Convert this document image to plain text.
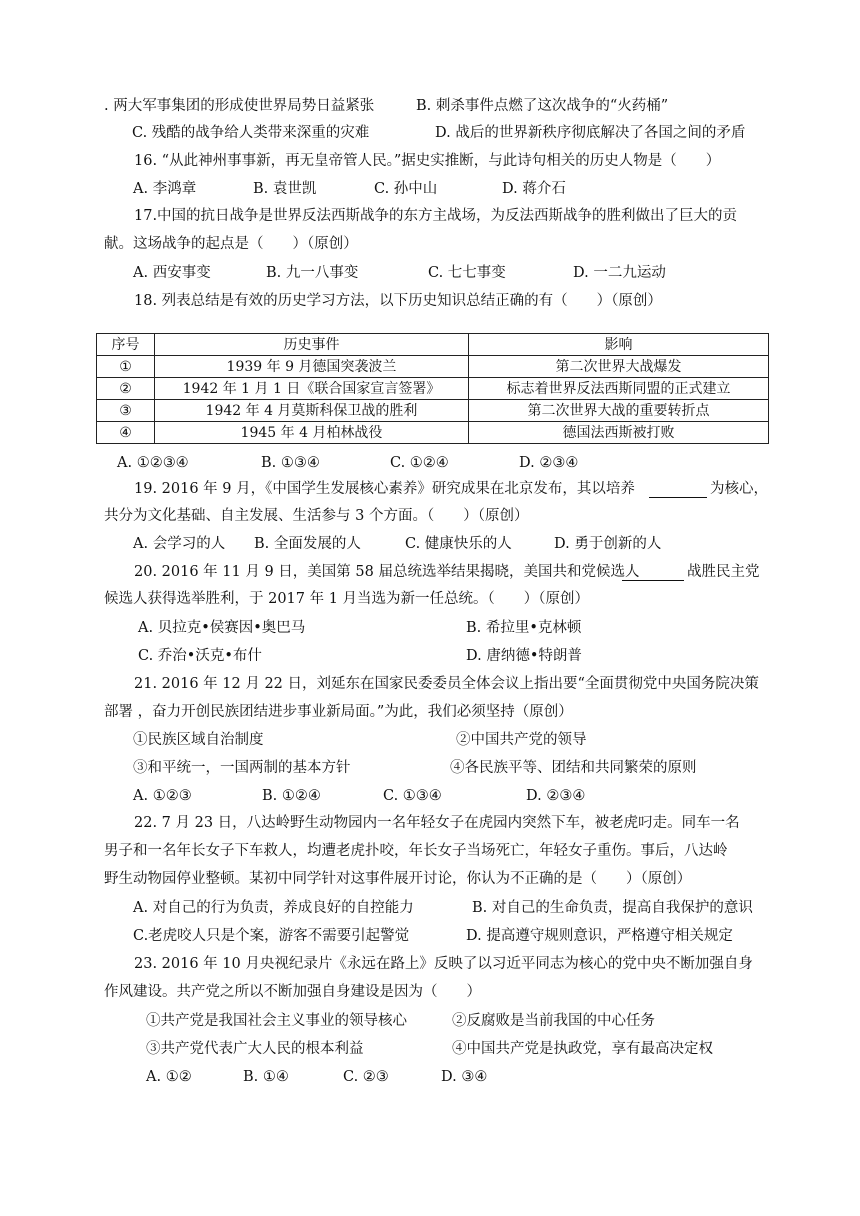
. 两大军事集团的形成使世界局势日益紧张	B. 刺杀事件点燃了这次战争的“火药桶”
C. 残酷的战争给人类带来深重的灾难	D. 战后的世界新秩序彻底解决了各国之间的矛盾
16. “从此神州事事新，再无皇帝管人民。”据史实推断，与此诗句相关的历史人物是（　　）
A. 李鸿章	B. 袁世凯	C. 孙中山	D. 蒋介石
17.中国的抗日战争是世界反法西斯战争的东方主战场，为反法西斯战争的胜利做出了巨大的贡
献。这场战争的起点是（　　）（原创）
A. 西安事变	B. 九一八事变	C. 七七事变	D. 一二九运动
18. 列表总结是有效的历史学习方法，以下历史知识总结正确的有（　　）（原创）
序号	历史事件	影响
①	1939 年 9 月德国突袭波兰	第二次世界大战爆发
②	1942 年 1 月 1 日《联合国家宣言签署》	标志着世界反法西斯同盟的正式建立
③	1942 年 4 月莫斯科保卫战的胜利	第二次世界大战的重要转折点
④	1945 年 4 月柏林战役	德国法西斯被打败
A. ①②③④	B. ①③④	C. ①②④	D. ②③④
19. 2016 年 9 月，《中国学生发展核心素养》研究成果在北京发布，其以培养	为核心，
共分为文化基础、自主发展、生活参与 3 个方面。（　　）（原创）
A. 会学习的人 B. 全面发展的人	C. 健康快乐的人	D. 勇于创新的人
20. 2016 年 11 月 9 日，美国第 58 届总统选举结果揭晓，美国共和党候选人	战胜民主党
候选人获得选举胜利，于 2017 年 1 月当选为新一任总统。（　　）（原创）
A. 贝拉克•侯赛因•奥巴马	B. 希拉里•克林顿
C. 乔治•沃克•布什	D. 唐纳德•特朗普
21. 2016 年 12 月 22 日，刘延东在国家民委委员全体会议上指出要“全面贯彻党中央国务院决策
部署 ，奋力开创民族团结进步事业新局面。”为此，我们必须坚持（原创）
①民族区域自治制度	②中国共产党的领导
③和平统一，一国两制的基本方针	④各民族平等、团结和共同繁荣的原则
A. ①②③	B. ①②④	C. ①③④	D. ②③④
22. 7 月 23 日，八达岭野生动物园内一名年轻女子在虎园内突然下车，被老虎叼走。同车一名
男子和一名年长女子下车救人，均遭老虎扑咬，年长女子当场死亡，年轻女子重伤。事后，八达岭
野生动物园停业整顿。某初中同学针对这事件展开讨论，你认为不正确的是（　　）（原创）
A. 对自己的行为负责，养成良好的自控能力	B. 对自己的生命负责，提高自我保护的意识
C.老虎咬人只是个案，游客不需要引起警觉	D. 提高遵守规则意识，严格遵守相关规定
23. 2016 年 10 月央视纪录片《永远在路上》反映了以习近平同志为核心的党中央不断加强自身
作风建设。共产党之所以不断加强自身建设是因为（　　）
①共产党是我国社会主义事业的领导核心	②反腐败是当前我国的中心任务
③共产党代表广大人民的根本利益	④中国共产党是执政党，享有最高决定权
A. ①②	B. ①④	C. ②③	D. ③④
